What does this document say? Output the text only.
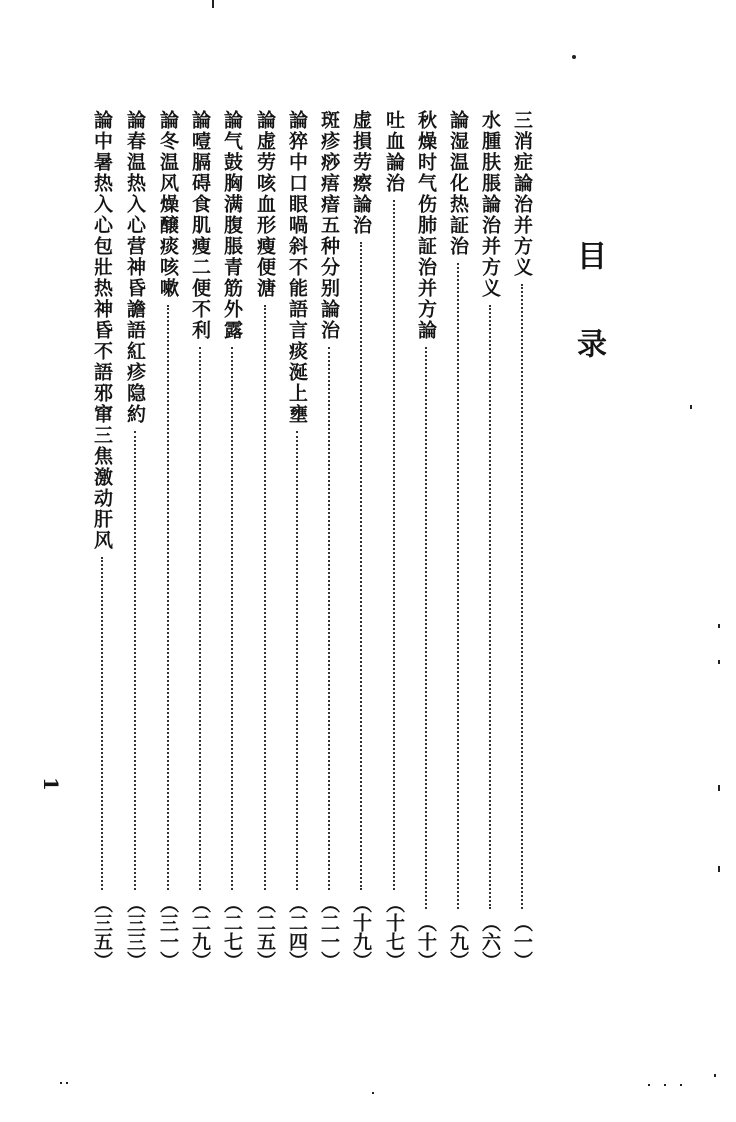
目录
三消症論治并方义
（一）
水腫肤脹論治并方义
（六）
論湿温化热証治
（九）
秋燥时气伤肺証治并方論
（十）
吐血論治
（十七）
虚損劳瘵論治
（十九）
斑疹痧痦瘖五种分别論治
（二一）
論猝中口眼喎斜不能語言痰涎上壅
（二四）
論虚劳咳血形瘦便溏
（二五）
論气鼓胸满腹脹青筋外露
（二七）
論噎膈碍食肌瘦二便不利
（二九）
論冬温风燥醸痰咳嗽
（三一）
論春温热入心营神昏譫語紅疹隐約
（三三）
論中暑热入心包壯热神昏不語邪窜三焦激动肝风
（三五）
1
